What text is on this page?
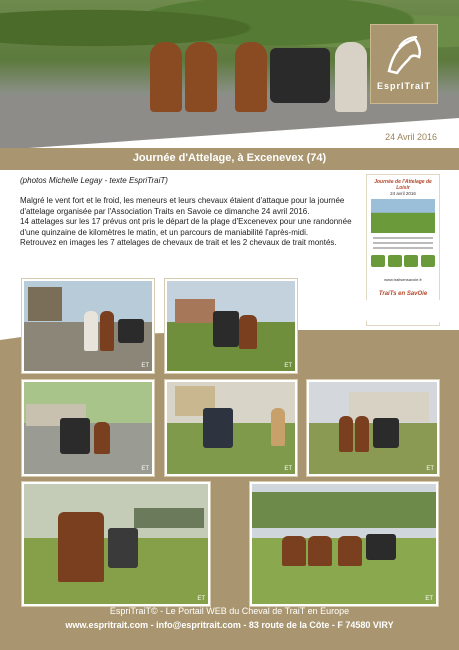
EsprITraiT
24 Avril 2016
Journée d'Attelage, à Excenevex (74)
(photos Michelle Legay - texte EspriTraiT)

Malgré le vent fort et le froid, les meneurs et leurs chevaux étaient d'attaque pour la journée d'attelage organisée par l'Association Traits en Savoie ce dimanche 24 avril 2016.

14 attelages sur les 17 prévus ont pris le départ de la plage d'Excenevex pour une randonnée d'une quinzaine de kilomètres le matin, et un parcours de maniabilité l'après-midi.

Retrouvez en images les 7 attelages de chevaux de trait et les 2 chevaux de trait montés.

Journée de l'Attelage de Loisir
24 avril 2016
www.traitsensavoie.fr
TraiTs en SavOie
ET	ET
ET	ET	ET
ET	ET
EspriTraiT© - Le Portail WEB du Cheval de TraiT en Europe
www.espritrait.com - info@espritrait.com - 83 route de la Côte - F 74580 VIRY
